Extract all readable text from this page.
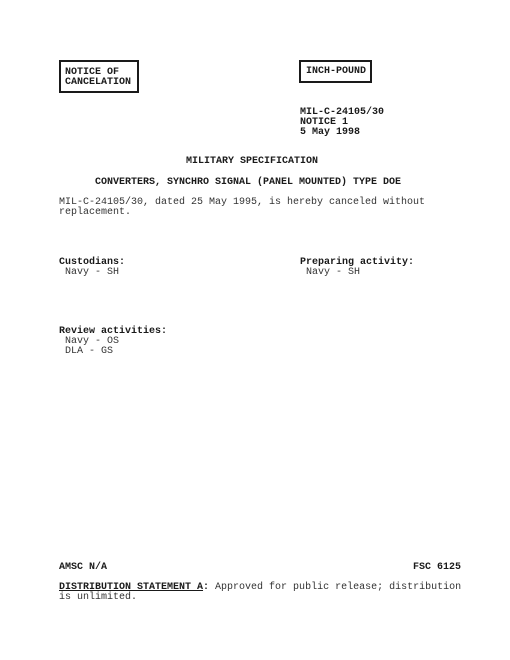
NOTICE OF
CANCELATION
INCH-POUND
MIL-C-24105/30
NOTICE 1
5 May 1998
MILITARY SPECIFICATION
CONVERTERS, SYNCHRO SIGNAL (PANEL MOUNTED) TYPE DOE
MIL-C-24105/30, dated 25 May 1995, is hereby canceled without
replacement.
Custodians:
Navy - SH
Preparing activity:
Navy - SH
Review activities:
Navy - OS
DLA - GS
AMSC N/A	FSC 6125
DISTRIBUTION STATEMENT A: Approved for public release; distribution
is unlimited.
